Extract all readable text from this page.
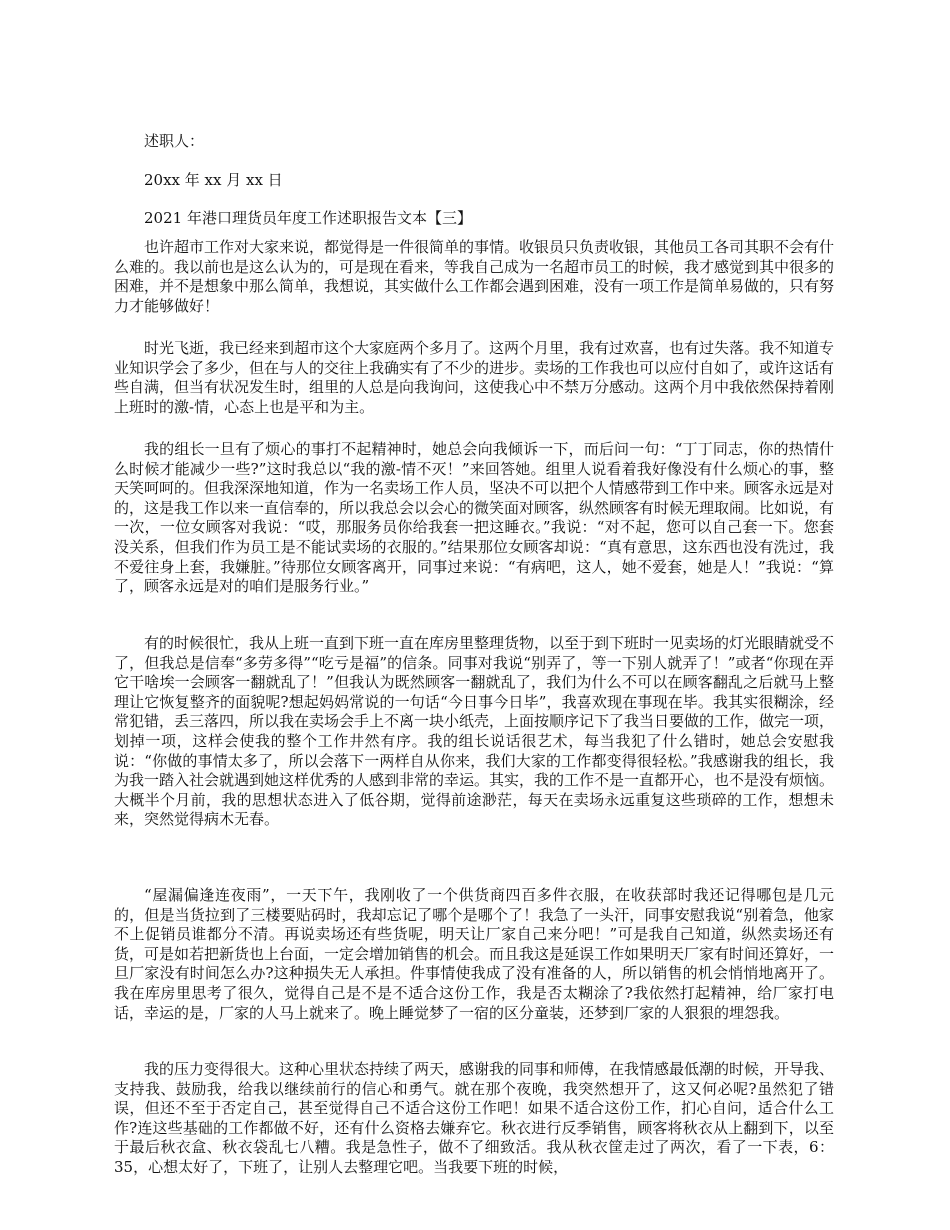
述职人：

20xx 年 xx 月 xx 日

2021 年港口理货员年度工作述职报告文本【三】

也许超市工作对大家来说，都觉得是一件很简单的事情。收银员只负责收银，其他员工各司其职不会有什么难的。我以前也是这么认为的，可是现在看来，等我自己成为一名超市员工的时候，我才感觉到其中很多的困难，并不是想象中那么简单，我想说，其实做什么工作都会遇到困难，没有一项工作是简单易做的，只有努力才能够做好！

时光飞逝，我已经来到超市这个大家庭两个多月了。这两个月里，我有过欢喜，也有过失落。我不知道专业知识学会了多少，但在与人的交往上我确实有了不少的进步。卖场的工作我也可以应付自如了，或许这话有些自满，但当有状况发生时，组里的人总是向我询问，这使我心中不禁万分感动。这两个月中我依然保持着刚上班时的激-情，心态上也是平和为主。

我的组长一旦有了烦心的事打不起精神时，她总会向我倾诉一下，而后问一句：“丁丁同志，你的热情什么时候才能减少一些?”这时我总以“我的激-情不灭！”来回答她。组里人说看着我好像没有什么烦心的事，整天笑呵呵的。但我深深地知道，作为一名卖场工作人员，坚决不可以把个人情感带到工作中来。顾客永远是对的，这是我工作以来一直信奉的，所以我总会以会心的微笑面对顾客，纵然顾客有时候无理取闹。比如说，有一次，一位女顾客对我说：“哎，那服务员你给我套一把这睡衣。”我说：“对不起，您可以自己套一下。您套没关系，但我们作为员工是不能试卖场的衣服的。”结果那位女顾客却说：“真有意思，这东西也没有洗过，我不爱往身上套，我嫌脏。”待那位女顾客离开，同事过来说：“有病吧，这人，她不爱套，她是人！”我说：“算了，顾客永远是对的咱们是服务行业。”

有的时候很忙，我从上班一直到下班一直在库房里整理货物，以至于到下班时一见卖场的灯光眼睛就受不了，但我总是信奉“多劳多得”“吃亏是福”的信条。同事对我说“别弄了，等一下别人就弄了！”或者“你现在弄它干啥埃一会顾客一翻就乱了！”但我认为既然顾客一翻就乱了，我们为什么不可以在顾客翻乱之后就马上整理让它恢复整齐的面貌呢?想起妈妈常说的一句话“今日事今日毕”，我喜欢现在事现在毕。我其实很糊涂，经常犯错，丢三落四，所以我在卖场会手上不离一块小纸壳，上面按顺序记下了我当日要做的工作，做完一项，划掉一项，这样会使我的整个工作井然有序。我的组长说话很艺术，每当我犯了什么错时，她总会安慰我说：“你做的事情太多了，所以会落下一两样自从你来，我们大家的工作都变得很轻松。”我感谢我的组长，我为我一踏入社会就遇到她这样优秀的人感到非常的幸运。其实，我的工作不是一直都开心，也不是没有烦恼。大概半个月前，我的思想状态进入了低谷期，觉得前途渺茫，每天在卖场永远重复这些琐碎的工作，想想未来，突然觉得病木无春。

“屋漏偏逢连夜雨”，一天下午，我刚收了一个供货商四百多件衣服，在收获部时我还记得哪包是几元的，但是当货拉到了三楼要贴码时，我却忘记了哪个是哪个了！我急了一头汗，同事安慰我说“别着急，他家不上促销员谁都分不清。再说卖场还有些货呢，明天让厂家自己来分吧！”可是我自己知道，纵然卖场还有货，可是如若把新货也上台面，一定会增加销售的机会。而且我这是延误工作如果明天厂家有时间还算好，一旦厂家没有时间怎么办?这种损失无人承担。件事情使我成了没有准备的人，所以销售的机会悄悄地离开了。我在库房里思考了很久，觉得自己是不是不适合这份工作，我是否太糊涂了?我依然打起精神，给厂家打电话，幸运的是，厂家的人马上就来了。晚上睡觉梦了一宿的区分童装，还梦到厂家的人狠狠的埋怨我。

我的压力变得很大。这种心里状态持续了两天，感谢我的同事和师傅，在我情感最低潮的时候，开导我、支持我、鼓励我，给我以继续前行的信心和勇气。就在那个夜晚，我突然想开了，这又何必呢?虽然犯了错误，但还不至于否定自己，甚至觉得自己不适合这份工作吧！如果不适合这份工作，扪心自问，适合什么工作?连这些基础的工作都做不好，还有什么资格去嫌弃它。秋衣进行反季销售，顾客将秋衣从上翻到下，以至于最后秋衣盒、秋衣袋乱七八糟。我是急性子，做不了细致活。我从秋衣筐走过了两次，看了一下表，6：35，心想太好了，下班了，让别人去整理它吧。当我要下班的时候，
